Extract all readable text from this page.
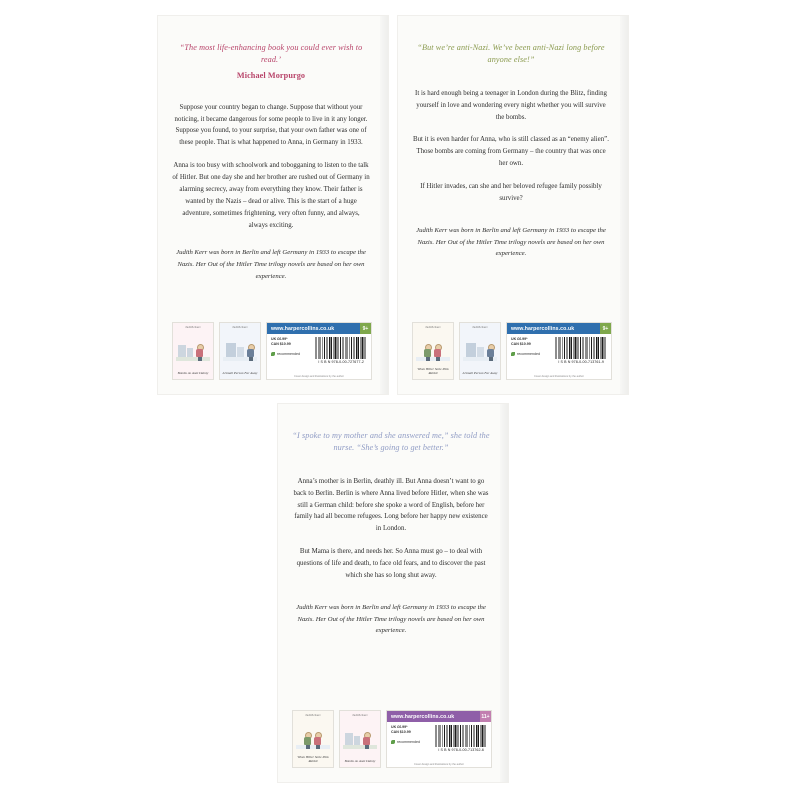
“The most life-enhancing book you could ever wish to read.’
Michael Morpurgo

Suppose your country began to change. Suppose that without your noticing, it became dangerous for some people to live in it any longer. Suppose you found, to your surprise, that your own father was one of these people. That is what happened to Anna, in Germany in 1933.

Anna is too busy with schoolwork and tobogganing to listen to the talk of Hitler. But one day she and her brother are rushed out of Germany in alarming secrecy, away from everything they know. Their father is wanted by the Nazis – dead or alive. This is the start of a huge adventure, sometimes frightening, very often funny, and always, always exciting.

Judith Kerr was born in Berlin and left Germany in 1933 to escape the Nazis. Her Out of the Hitler Time trilogy novels are based on her own experience.

Judith Kerr
Bombs on Aunt Dainty
Judith Kerr
A Small Person Far Away
www.harpercollins.co.uk	9+
UK £6.99*
CAN $10.99
recommended
I S B N 978-0-00-727677-2
Cover design and illustrations by the author
“But we’re anti-Nazi. We’ve been anti-Nazi long before anyone else!”

It is hard enough being a teenager in London during the Blitz, finding yourself in love and wondering every night whether you will survive the bombs.

But it is even harder for Anna, who is still classed as an “enemy alien”. Those bombs are coming from Germany – the country that was once her own.

If Hitler invades, can she and her beloved refugee family possibly survive?

Judith Kerr was born in Berlin and left Germany in 1933 to escape the Nazis. Her Out of the Hitler Time trilogy novels are based on her own experience.

Judith Kerr
When Hitler Stole Pink Rabbit
Judith Kerr
A Small Person Far Away
www.harpercollins.co.uk	9+
UK £6.99*
CAN $10.99
recommended
I S B N 978-0-00-713761-9
Cover design and illustrations by the author
“I spoke to my mother and she answered me,” she told the nurse. “She’s going to get better.”

Anna’s mother is in Berlin, deathly ill. But Anna doesn’t want to go back to Berlin. Berlin is where Anna lived before Hitler, when she was still a German child: before she spoke a word of English, before her family had all become refugees. Long before her happy new existence in London.

But Mama is there, and needs her. So Anna must go – to deal with questions of life and death, to face old fears, and to discover the past which she has so long shut away.

Judith Kerr was born in Berlin and left Germany in 1933 to escape the Nazis. Her Out of the Hitler Time trilogy novels are based on her own experience.

Judith Kerr
When Hitler Stole Pink Rabbit
Judith Kerr
Bombs on Aunt Dainty
www.harpercollins.co.uk	11+
UK £6.99*
CAN $10.99
recommended
I S B N 978-0-00-713762-6
Cover design and illustrations by the author
